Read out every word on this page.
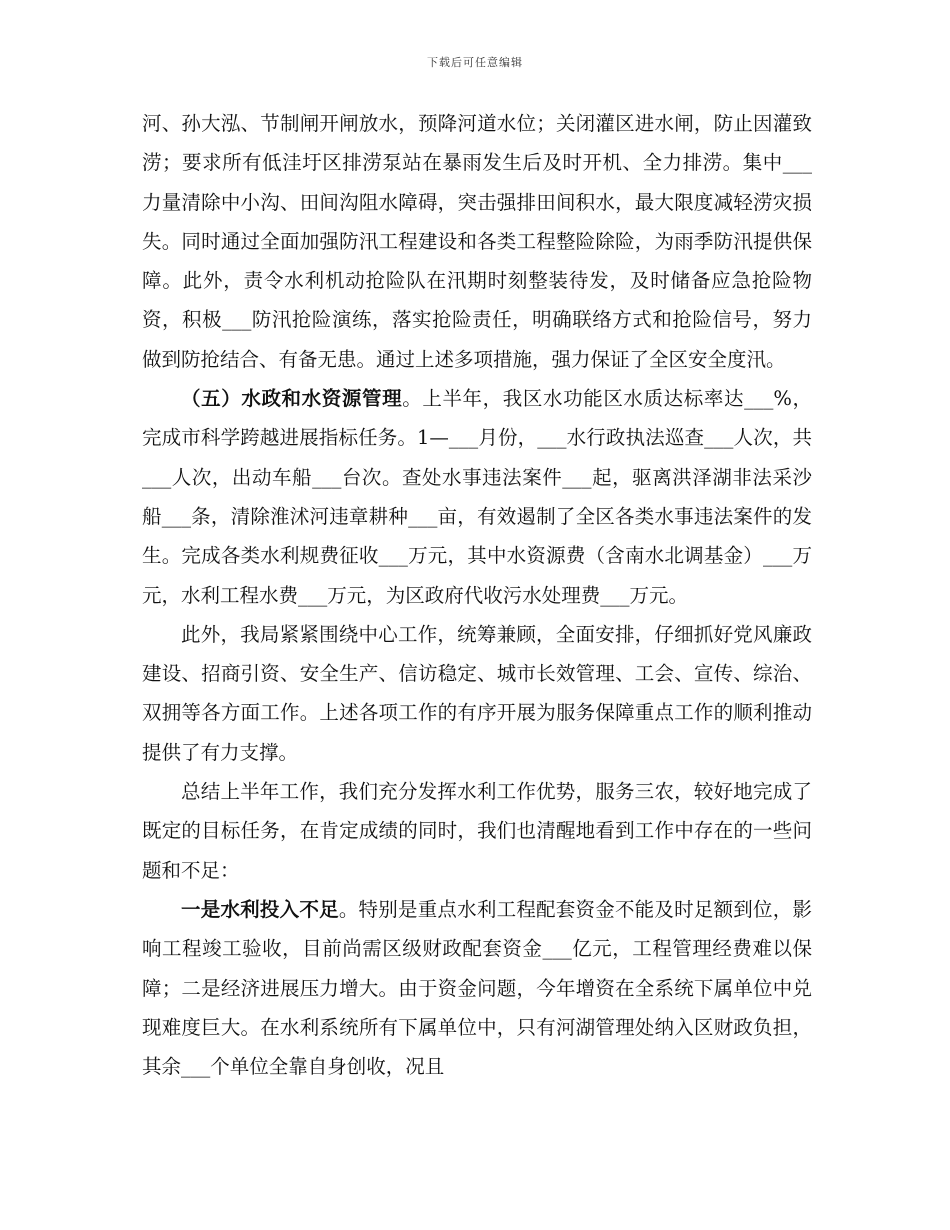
下载后可任意编辑

河、孙大泓、节制闸开闸放水，预降河道水位；关闭灌区进水闸，防止因灌致涝；要求所有低洼圩区排涝泵站在暴雨发生后及时开机、全力排涝。集中___力量清除中小沟、田间沟阻水障碍，突击强排田间积水，最大限度减轻涝灾损失。同时通过全面加强防汛工程建设和各类工程整险除险，为雨季防汛提供保障。此外，责令水利机动抢险队在汛期时刻整装待发，及时储备应急抢险物资，积极___防汛抢险演练，落实抢险责任，明确联络方式和抢险信号，努力做到防抢结合、有备无患。通过上述多项措施，强力保证了全区安全度汛。

（五）水政和水资源管理。上半年，我区水功能区水质达标率达___%，完成市科学跨越进展指标任务。1—___月份，___水行政执法巡查___人次，共___人次，出动车船___台次。查处水事违法案件___起，驱离洪泽湖非法采沙船___条，清除淮沭河违章耕种___亩，有效遏制了全区各类水事违法案件的发生。完成各类水利规费征收___万元，其中水资源费（含南水北调基金）___万元，水利工程水费___万元，为区政府代收污水处理费___万元。

此外，我局紧紧围绕中心工作，统筹兼顾，全面安排，仔细抓好党风廉政建设、招商引资、安全生产、信访稳定、城市长效管理、工会、宣传、综治、双拥等各方面工作。上述各项工作的有序开展为服务保障重点工作的顺利推动提供了有力支撑。

总结上半年工作，我们充分发挥水利工作优势，服务三农，较好地完成了既定的目标任务，在肯定成绩的同时，我们也清醒地看到工作中存在的一些问题和不足：

一是水利投入不足。特别是重点水利工程配套资金不能及时足额到位，影响工程竣工验收，目前尚需区级财政配套资金___亿元，工程管理经费难以保障；二是经济进展压力增大。由于资金问题，今年增资在全系统下属单位中兑现难度巨大。在水利系统所有下属单位中，只有河湖管理处纳入区财政负担，其余___个单位全靠自身创收，况且
